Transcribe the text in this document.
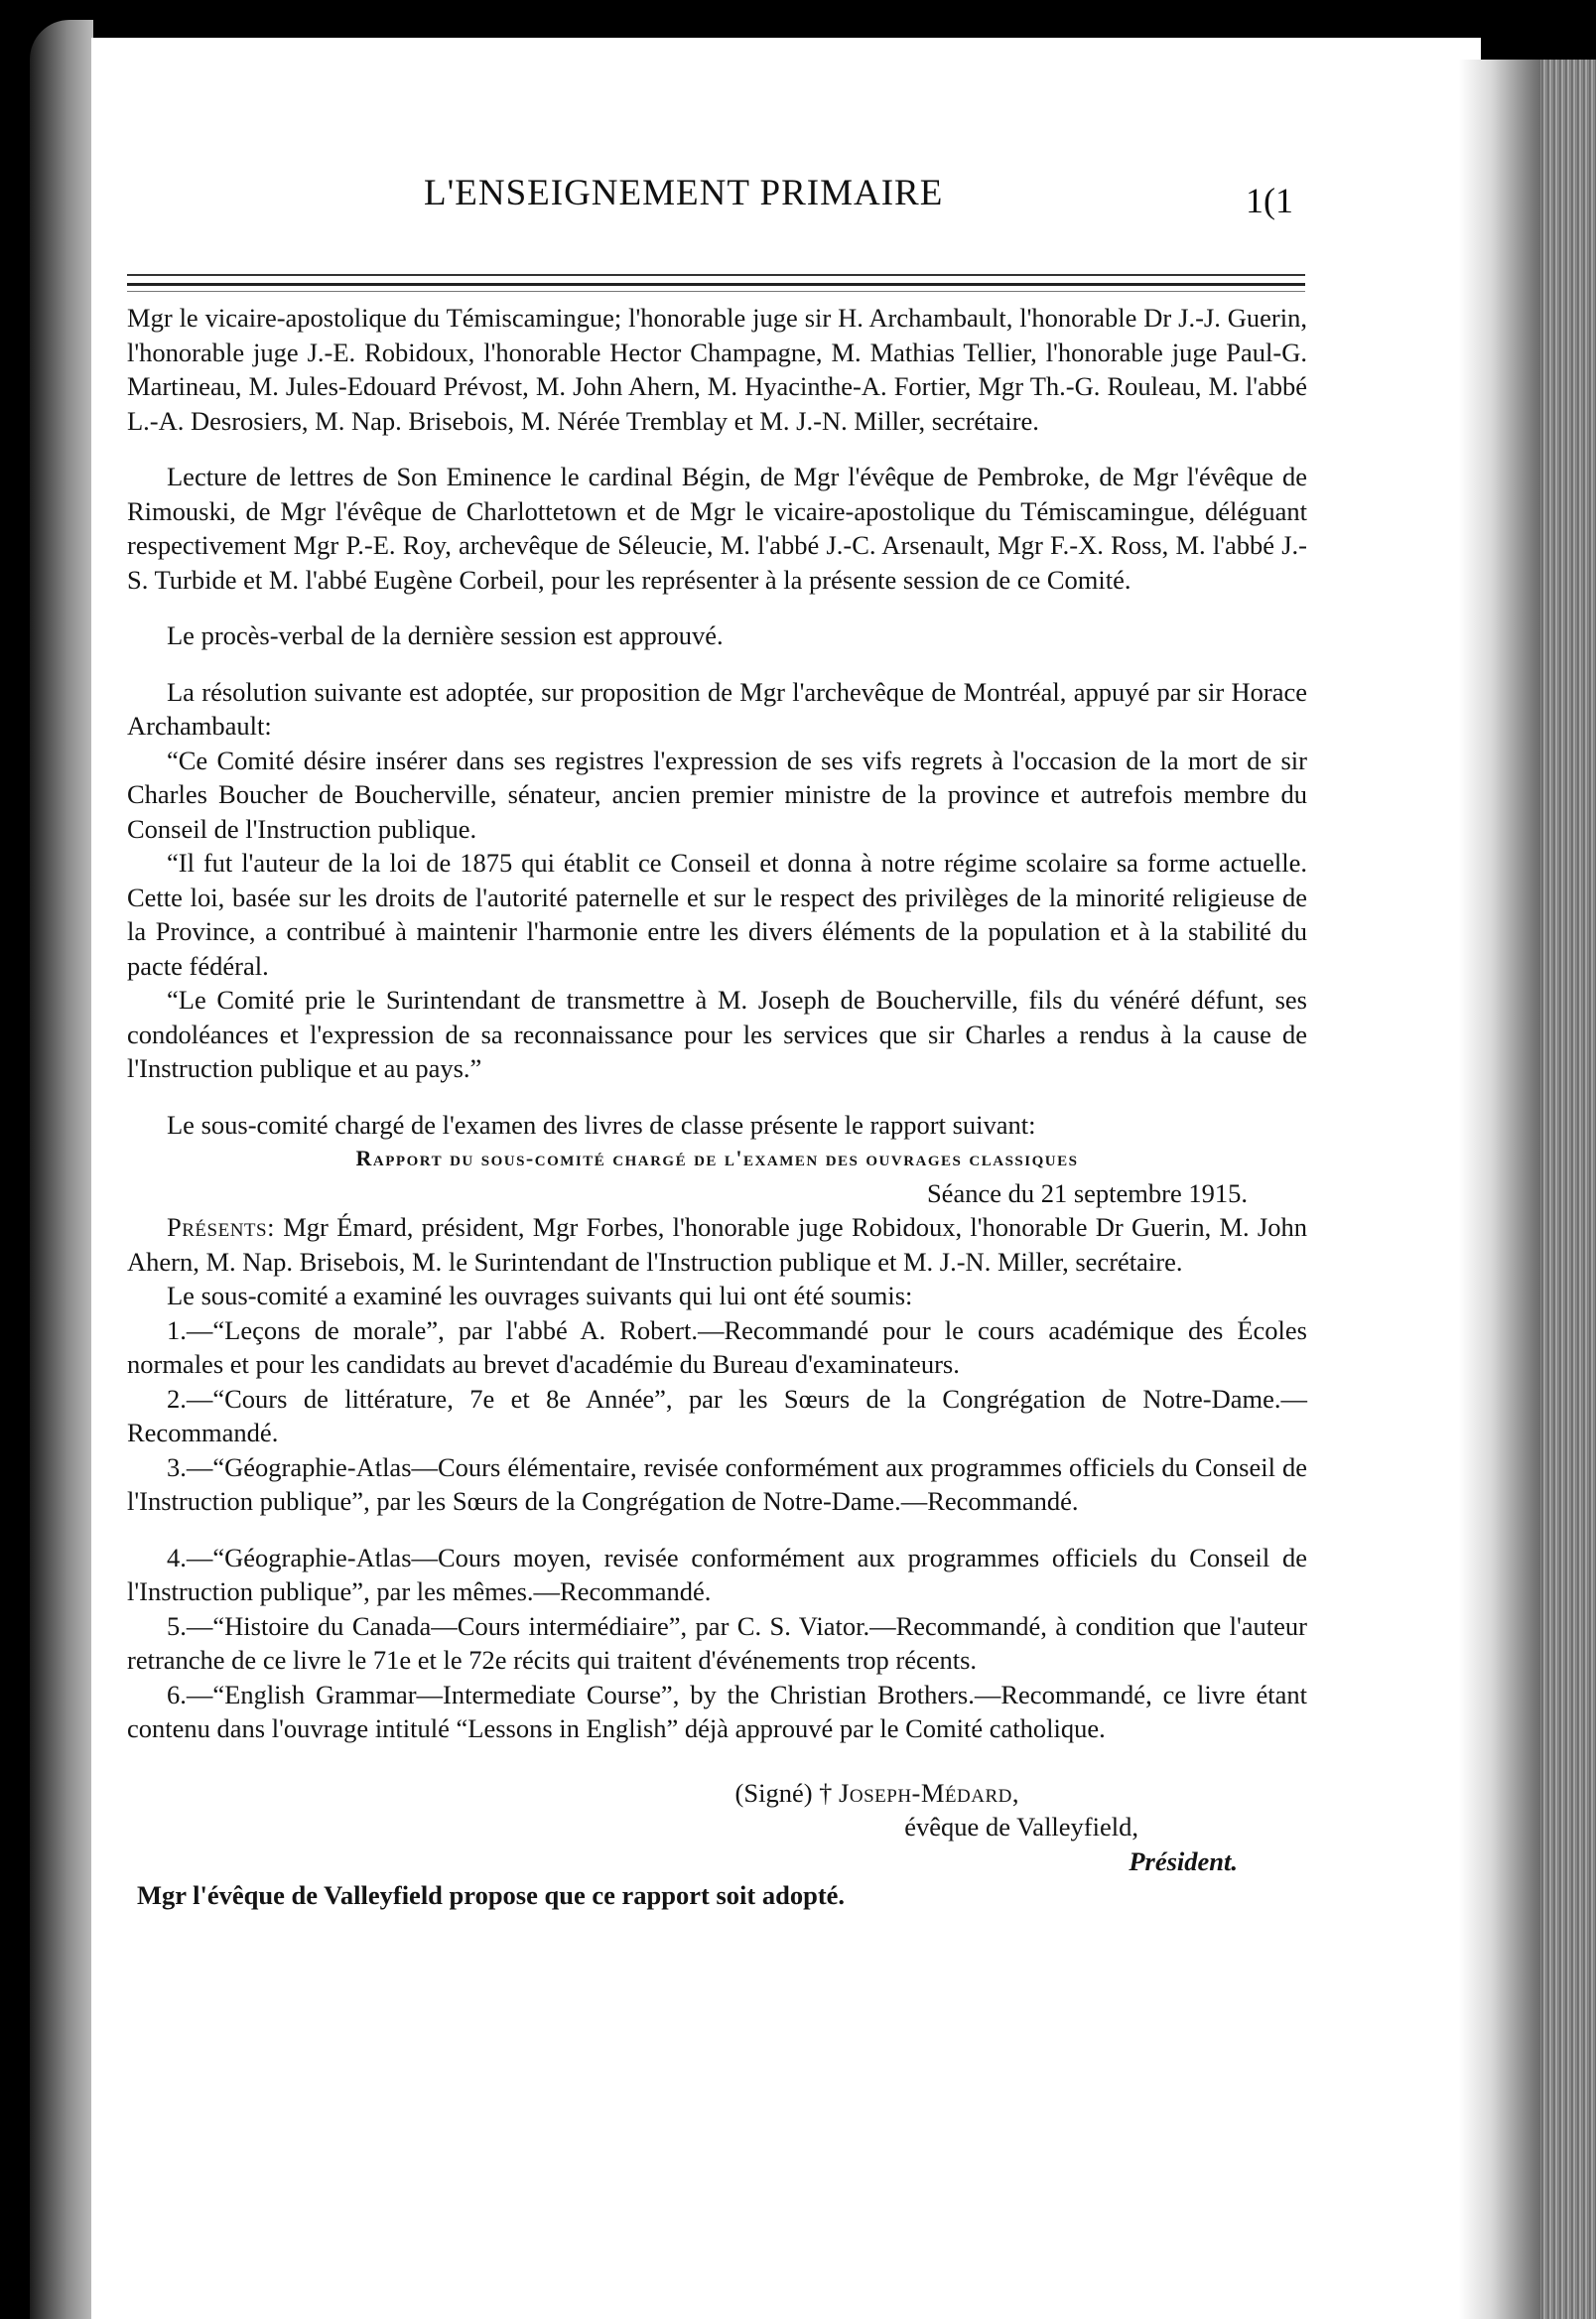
L'ENSEIGNEMENT PRIMAIRE	1(1

Mgr le vicaire-apostolique du Témiscamingue; l'honorable juge sir H. Archambault, l'honorable Dr J.-J. Guerin, l'honorable juge J.-E. Robidoux, l'honorable Hector Champagne, M. Mathias Tellier, l'honorable juge Paul-G. Martineau, M. Jules-Edouard Prévost, M. John Ahern, M. Hyacinthe-A. Fortier, Mgr Th.-G. Rouleau, M. l'abbé L.-A. Desrosiers, M. Nap. Brisebois, M. Nérée Tremblay et M. J.-N. Miller, secrétaire.

Lecture de lettres de Son Eminence le cardinal Bégin, de Mgr l'évêque de Pembroke, de Mgr l'évêque de Rimouski, de Mgr l'évêque de Charlottetown et de Mgr le vicaire-apostolique du Témiscamingue, déléguant respectivement Mgr P.-E. Roy, archevêque de Séleucie, M. l'abbé J.-C. Arsenault, Mgr F.-X. Ross, M. l'abbé J.-S. Turbide et M. l'abbé Eugène Corbeil, pour les représenter à la présente session de ce Comité.

Le procès-verbal de la dernière session est approuvé.

La résolution suivante est adoptée, sur proposition de Mgr l'archevêque de Montréal, appuyé par sir Horace Archambault:

“Ce Comité désire insérer dans ses registres l'expression de ses vifs regrets à l'occasion de la mort de sir Charles Boucher de Boucherville, sénateur, ancien premier ministre de la province et autrefois membre du Conseil de l'Instruction publique.

“Il fut l'auteur de la loi de 1875 qui établit ce Conseil et donna à notre régime scolaire sa forme actuelle. Cette loi, basée sur les droits de l'autorité paternelle et sur le respect des privilèges de la minorité religieuse de la Province, a contribué à maintenir l'harmonie entre les divers éléments de la population et à la stabilité du pacte fédéral.

“Le Comité prie le Surintendant de transmettre à M. Joseph de Boucherville, fils du vénéré défunt, ses condoléances et l'expression de sa reconnaissance pour les services que sir Charles a rendus à la cause de l'Instruction publique et au pays.”

Le sous-comité chargé de l'examen des livres de classe présente le rapport suivant:

Rapport du sous-comité chargé de l'examen des ouvrages classiques

Séance du 21 septembre 1915.

Présents: Mgr Émard, président, Mgr Forbes, l'honorable juge Robidoux, l'honorable Dr Guerin, M. John Ahern, M. Nap. Brisebois, M. le Surintendant de l'Instruction publique et M. J.-N. Miller, secrétaire.

Le sous-comité a examiné les ouvrages suivants qui lui ont été soumis:

1.—“Leçons de morale”, par l'abbé A. Robert.—Recommandé pour le cours académique des Écoles normales et pour les candidats au brevet d'académie du Bureau d'examinateurs.

2.—“Cours de littérature, 7e et 8e Année”, par les Sœurs de la Congrégation de Notre-Dame.—Recommandé.

3.—“Géographie-Atlas—Cours élémentaire, revisée conformément aux programmes officiels du Conseil de l'Instruction publique”, par les Sœurs de la Congrégation de Notre-Dame.—Recommandé.

4.—“Géographie-Atlas—Cours moyen, revisée conformément aux programmes officiels du Conseil de l'Instruction publique”, par les mêmes.—Recommandé.

5.—“Histoire du Canada—Cours intermédiaire”, par C. S. Viator.—Recommandé, à condition que l'auteur retranche de ce livre le 71e et le 72e récits qui traitent d'événements trop récents.

6.—“English Grammar—Intermediate Course”, by the Christian Brothers.—Recommandé, ce livre étant contenu dans l'ouvrage intitulé “Lessons in English” déjà approuvé par le Comité catholique.

(Signé) † Joseph-Médard,

évêque de Valleyfield,

Président.

Mgr l'évêque de Valleyfield propose que ce rapport soit adopté.
